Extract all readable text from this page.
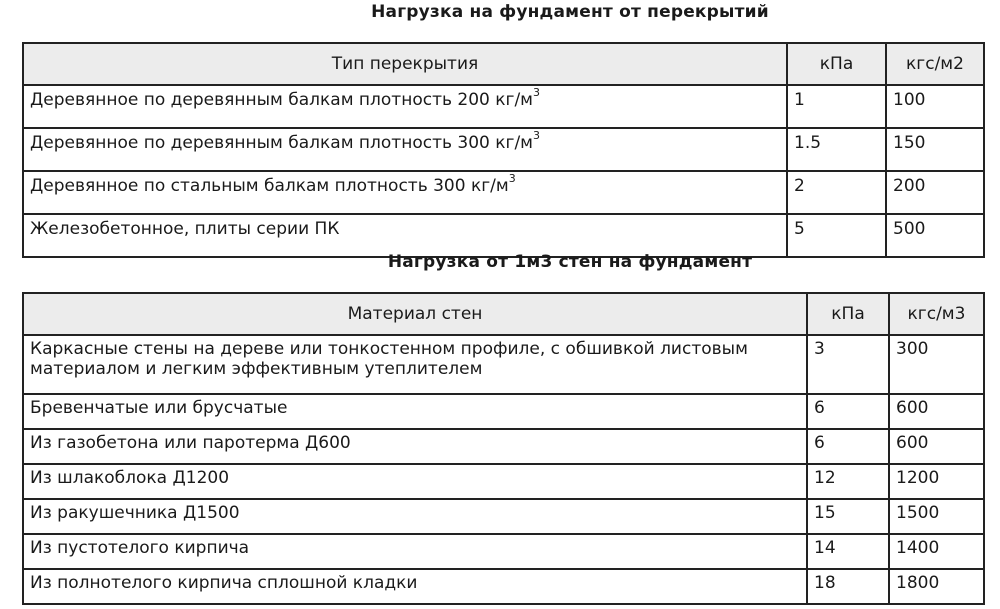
Нагрузка на фундамент от перекрытий
Тип перекрытия	кПа	кгс/м2
Деревянное по деревянным балкам плотность 200 $кг/м^3$	1	100
Деревянное по деревянным балкам плотность 300 $кг/м^3$	1.5	150
Деревянное по стальным балкам плотность 300 $кг/м^3$	2	200
Железобетонное, плиты серии ПК	5	500
Нагрузка от 1м3 стен на фундамент
Материал стен	кПа	кгс/м3
Каркасные стены на дереве или тонкостенном профиле, с обшивкой листовым материалом и легким эффективным утеплителем	3	300
Бревенчатые или брусчатые	6	600
Из газобетона или паротерма Д600	6	600
Из шлакоблока Д1200	12	1200
Из ракушечника Д1500	15	1500
Из пустотелого кирпича	14	1400
Из полнотелого кирпича сплошной кладки	18	1800
